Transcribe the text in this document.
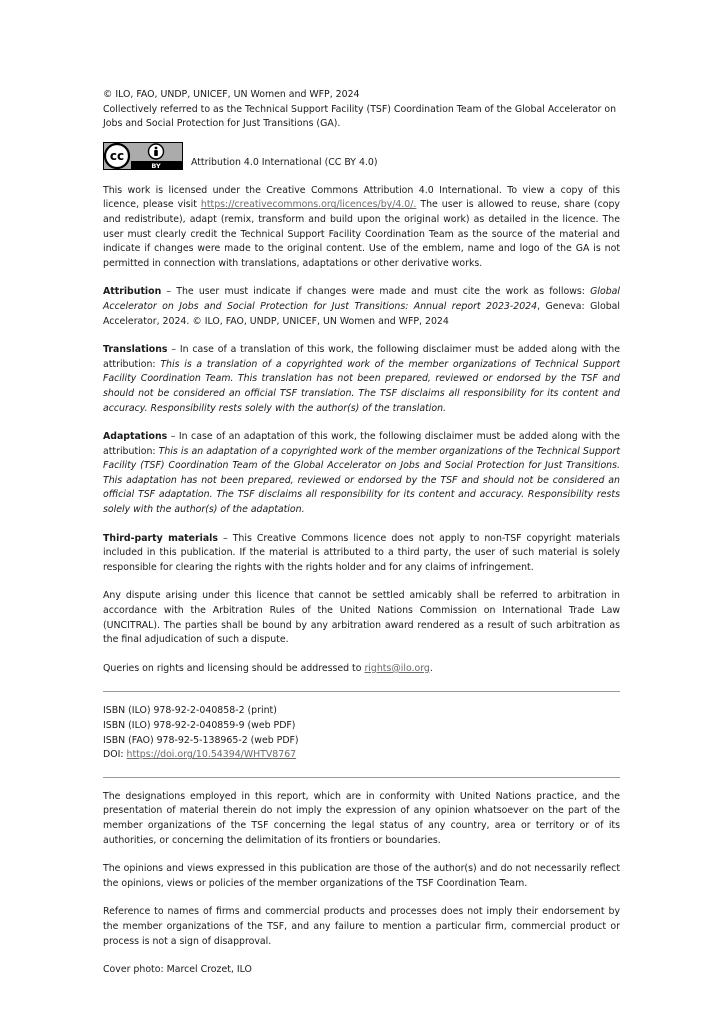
© ILO, FAO, UNDP, UNICEF, UN Women and WFP, 2024

Collectively referred to as the Technical Support Facility (TSF) Coordination Team of the Global Accelerator on Jobs and Social Protection for Just Transitions (GA).

cc
BY	Attribution 4.0 International (CC BY 4.0)

This work is licensed under the Creative Commons Attribution 4.0 International. To view a copy of this licence, please visit https://creativecommons.org/licences/by/4.0/. The user is allowed to reuse, share (copy and redistribute), adapt (remix, transform and build upon the original work) as detailed in the licence. The user must clearly credit the Technical Support Facility Coordination Team as the source of the material and indicate if changes were made to the original content. Use of the emblem, name and logo of the GA is not permitted in connection with translations, adaptations or other derivative works.

Attribution – The user must indicate if changes were made and must cite the work as follows: Global Accelerator on Jobs and Social Protection for Just Transitions: Annual report 2023-2024, Geneva: Global Accelerator, 2024. © ILO, FAO, UNDP, UNICEF, UN Women and WFP, 2024

Translations – In case of a translation of this work, the following disclaimer must be added along with the attribution: This is a translation of a copyrighted work of the member organizations of Technical Support Facility Coordination Team. This translation has not been prepared, reviewed or endorsed by the TSF and should not be considered an official TSF translation. The TSF disclaims all responsibility for its content and accuracy. Responsibility rests solely with the author(s) of the translation.

Adaptations – In case of an adaptation of this work, the following disclaimer must be added along with the attribution: This is an adaptation of a copyrighted work of the member organizations of the Technical Support Facility (TSF) Coordination Team of the Global Accelerator on Jobs and Social Protection for Just Transitions. This adaptation has not been prepared, reviewed or endorsed by the TSF and should not be considered an official TSF adaptation. The TSF disclaims all responsibility for its content and accuracy. Responsibility rests solely with the author(s) of the adaptation.

Third-party materials – This Creative Commons licence does not apply to non-TSF copyright materials included in this publication. If the material is attributed to a third party, the user of such material is solely responsible for clearing the rights with the rights holder and for any claims of infringement.

Any dispute arising under this licence that cannot be settled amicably shall be referred to arbitration in accordance with the Arbitration Rules of the United Nations Commission on International Trade Law (UNCITRAL). The parties shall be bound by any arbitration award rendered as a result of such arbitration as the final adjudication of such a dispute.

Queries on rights and licensing should be addressed to rights@ilo.org.

ISBN (ILO) 978-92-2-040858-2 (print)

ISBN (ILO) 978-92-2-040859-9 (web PDF)

ISBN (FAO) 978-92-5-138965-2 (web PDF)

DOI: https://doi.org/10.54394/WHTV8767

The designations employed in this report, which are in conformity with United Nations practice, and the presentation of material therein do not imply the expression of any opinion whatsoever on the part of the member organizations of the TSF concerning the legal status of any country, area or territory or of its authorities, or concerning the delimitation of its frontiers or boundaries.

The opinions and views expressed in this publication are those of the author(s) and do not necessarily reflect the opinions, views or policies of the member organizations of the TSF Coordination Team.

Reference to names of firms and commercial products and processes does not imply their endorsement by the member organizations of the TSF, and any failure to mention a particular firm, commercial product or process is not a sign of disapproval.

Cover photo: Marcel Crozet, ILO
